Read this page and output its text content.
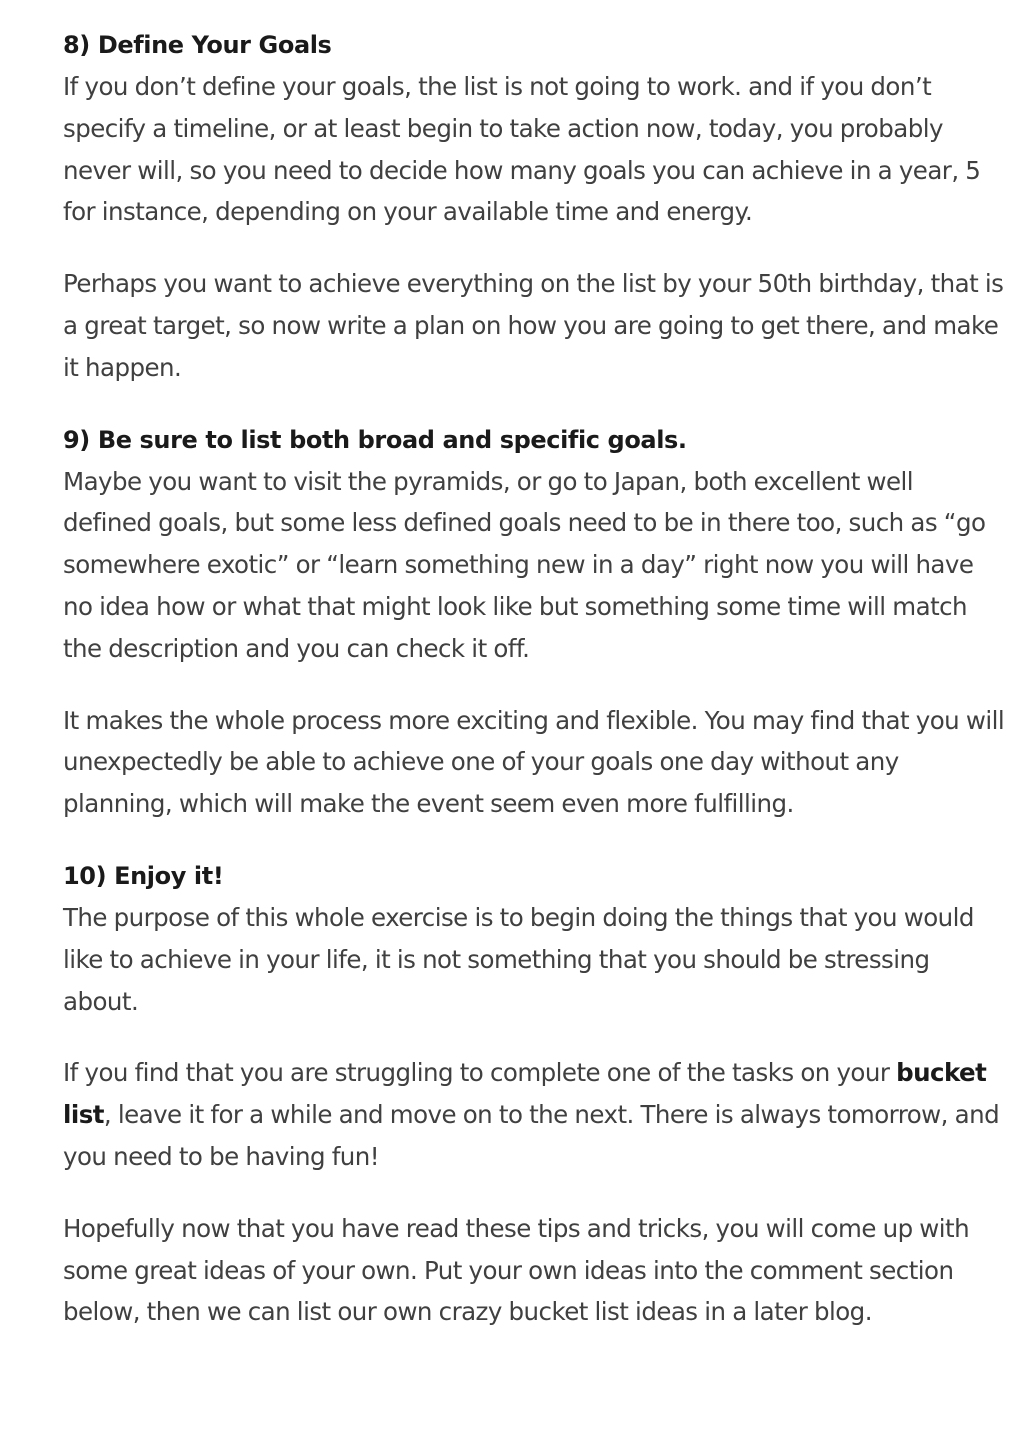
8) Define Your Goals

If you don’t define your goals, the list is not going to work. and if you don’t specify a timeline, or at least begin to take action now, today, you probably never will, so you need to decide how many goals you can achieve in a year, 5 for instance, depending on your available time and energy.

Perhaps you want to achieve everything on the list by your 50th birthday, that is a great target, so now write a plan on how you are going to get there, and make it happen.

9) Be sure to list both broad and specific goals.

Maybe you want to visit the pyramids, or go to Japan, both excellent well defined goals, but some less defined goals need to be in there too, such as “go somewhere exotic” or “learn something new in a day” right now you will have no idea how or what that might look like but something some time will match the description and you can check it off.

It makes the whole process more exciting and flexible. You may find that you will unexpectedly be able to achieve one of your goals one day without any planning, which will make the event seem even more fulfilling.

10) Enjoy it!

The purpose of this whole exercise is to begin doing the things that you would like to achieve in your life, it is not something that you should be stressing about.

If you find that you are struggling to complete one of the tasks on your bucket list, leave it for a while and move on to the next. There is always tomorrow, and you need to be having fun!

Hopefully now that you have read these tips and tricks, you will come up with some great ideas of your own. Put your own ideas into the comment section below, then we can list our own crazy bucket list ideas in a later blog.
